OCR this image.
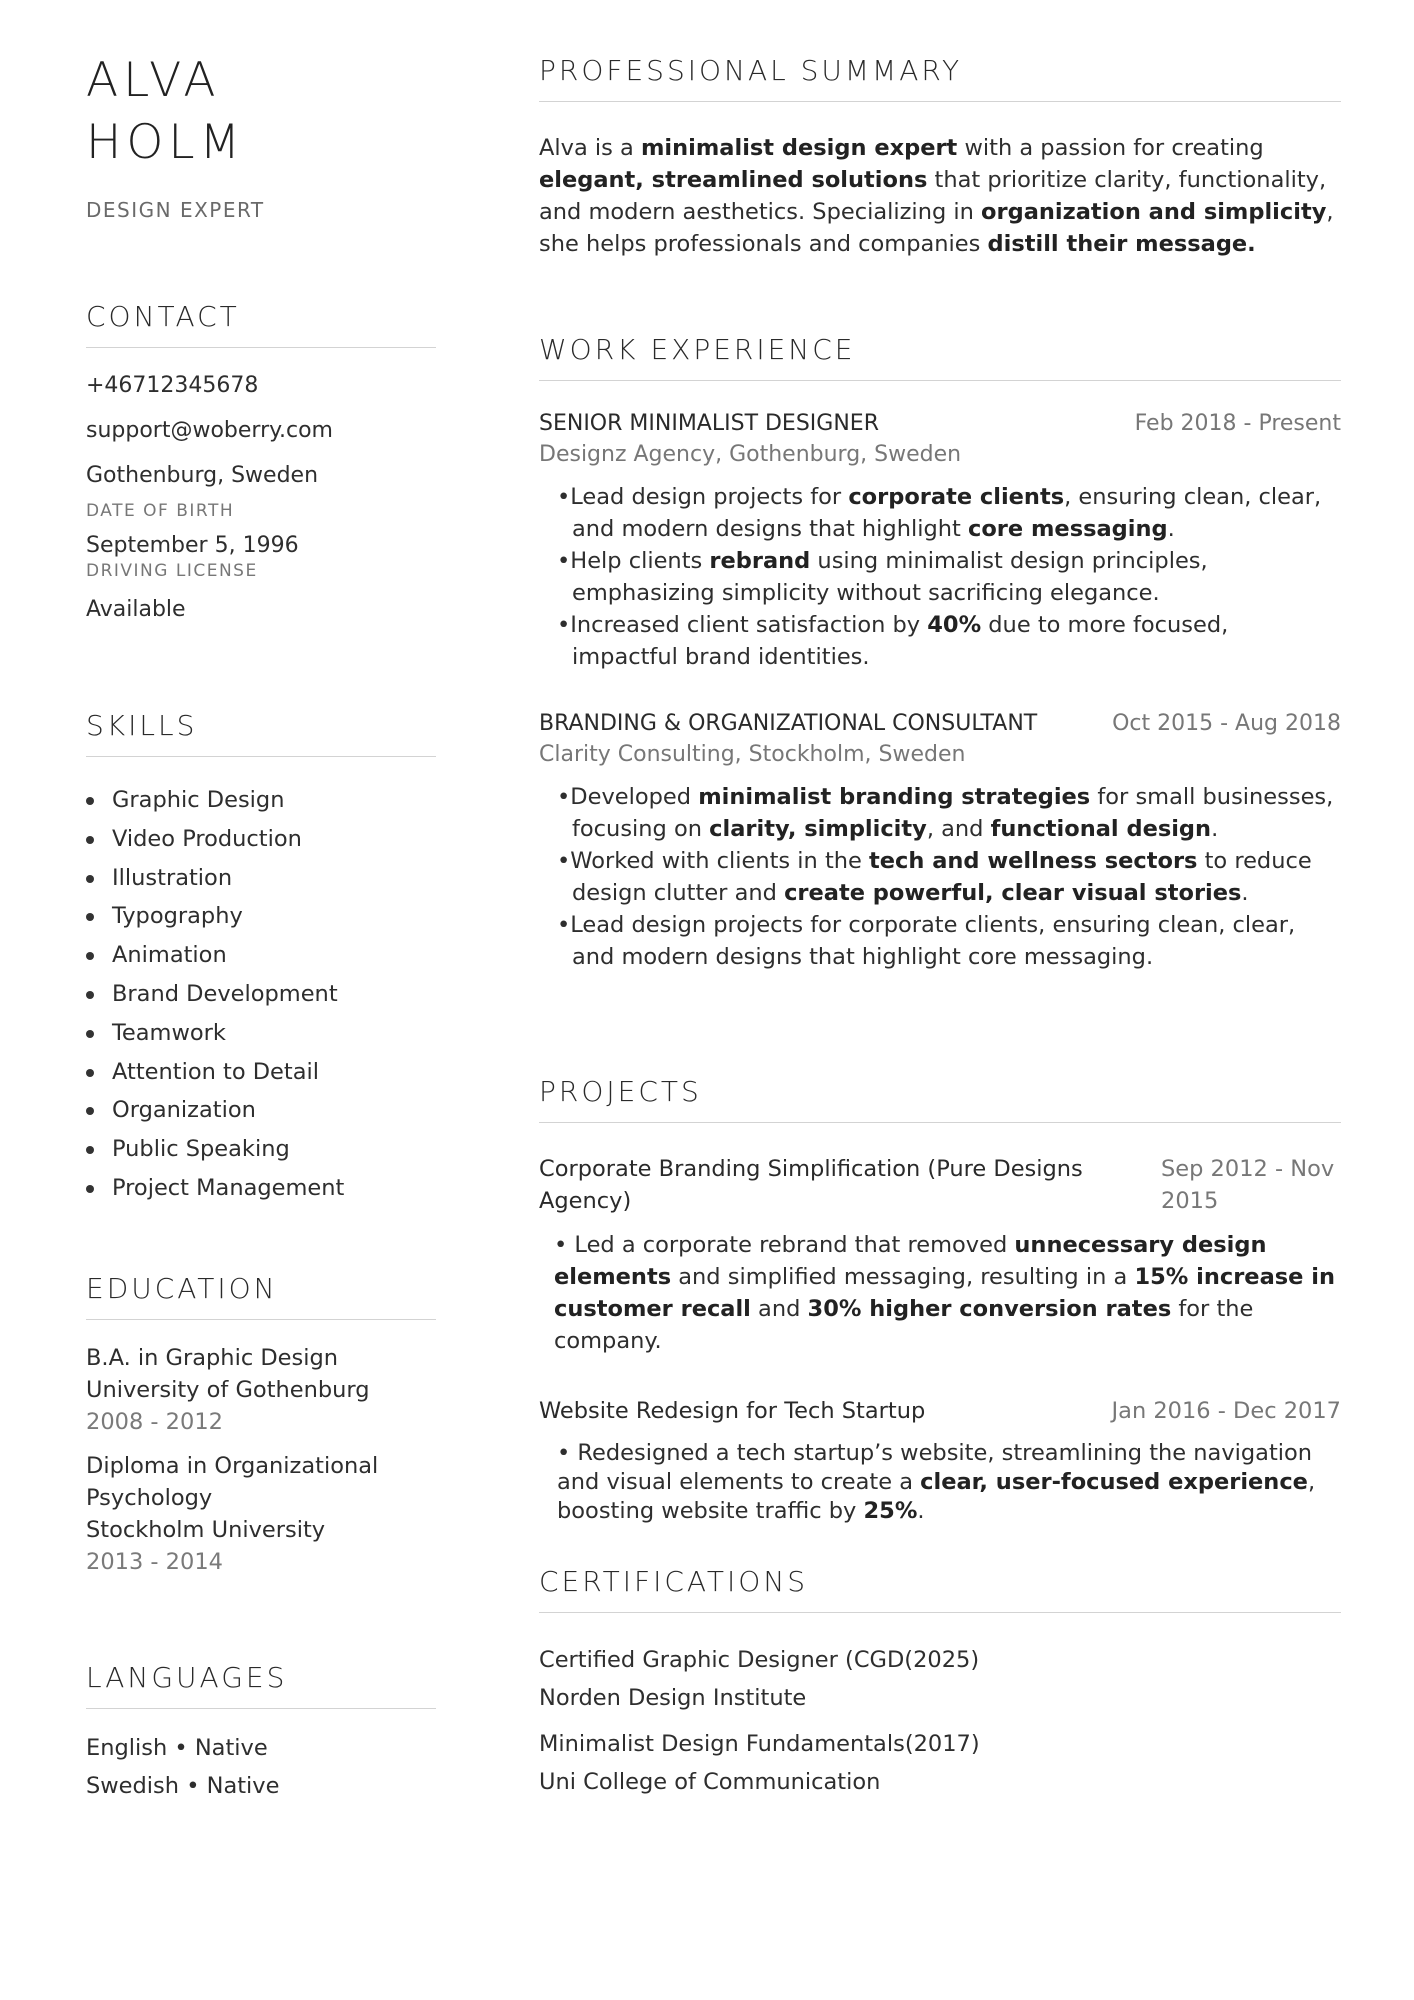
ALVA
HOLM
DESIGN EXPERT
CONTACT
+46712345678
support@woberry.com
Gothenburg, Sweden
DATE OF BIRTH
September 5, 1996
DRIVING LICENSE
Available
SKILLS
Graphic Design
Video Production
Illustration
Typography
Animation
Brand Development
Teamwork
Attention to Detail
Organization
Public Speaking
Project Management
EDUCATION
B.A. in Graphic Design
University of Gothenburg
2008 - 2012
Diploma in Organizational Psychology
Stockholm University
2013 - 2014
LANGUAGES
English • Native
Swedish • Native
PROFESSIONAL SUMMARY

Alva is a minimalist design expert with a passion for creating elegant, streamlined solutions that prioritize clarity, functionality, and modern aesthetics. Specializing in organization and simplicity, she helps professionals and companies distill their message.

WORK EXPERIENCE
SENIOR MINIMALIST DESIGNER	Feb 2018 - Present
Designz Agency, Gothenburg, Sweden
•Lead design projects for corporate clients, ensuring clean, clear, and modern designs that highlight core messaging.
•Help clients rebrand using minimalist design principles, emphasizing simplicity without sacrificing elegance.
•Increased client satisfaction by 40% due to more focused, impactful brand identities.
BRANDING & ORGANIZATIONAL CONSULTANT	Oct 2015 - Aug 2018
Clarity Consulting, Stockholm, Sweden
•Developed minimalist branding strategies for small businesses, focusing on clarity, simplicity, and functional design.
•Worked with clients in the tech and wellness sectors to reduce design clutter and create powerful, clear visual stories.
•Lead design projects for corporate clients, ensuring clean, clear, and modern designs that highlight core messaging.
PROJECTS
Corporate Branding Simplification (Pure Designs Agency)
Sep 2012 - Nov 2015

• Led a corporate rebrand that removed unnecessary design elements and simplified messaging, resulting in a 15% increase in customer recall and 30% higher conversion rates for the company.

Website Redesign for Tech Startup	Jan 2016 - Dec 2017

• Redesigned a tech startup’s website, streamlining the navigation and visual elements to create a clear, user-focused experience, boosting website traffic by 25%.

CERTIFICATIONS
Certified Graphic Designer (CGD(2025)
Norden Design Institute
Minimalist Design Fundamentals(2017)
Uni College of Communication
